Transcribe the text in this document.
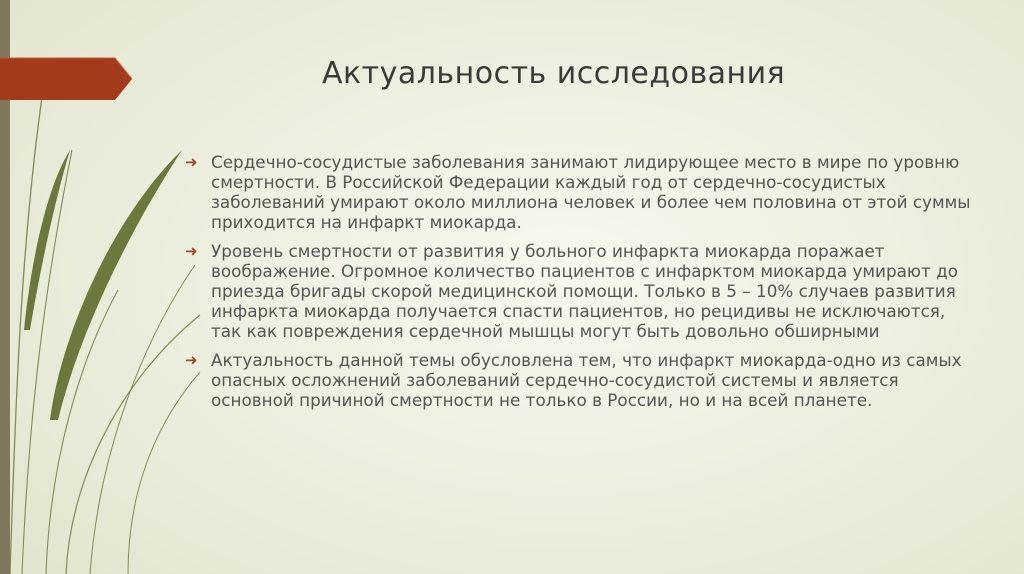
Актуальность исследования
➜ Сердечно-сосудистые заболевания занимают лидирующее место в мире по уровню смертности. В Российской Федерации каждый год от сердечно-сосудистых заболеваний умирают около миллиона человек и более чем половина от этой суммы приходится на инфаркт миокарда.
➜ Уровень смертности от развития у больного инфаркта миокарда поражает воображение. Огромное количество пациентов с инфарктом миокарда умирают до приезда бригады скорой медицинской помощи. Только в 5 – 10% случаев развития инфаркта миокарда получается спасти пациентов, но рецидивы не исключаются, так как повреждения сердечной мышцы могут быть довольно обширными
➜ Актуальность данной темы обусловлена тем, что инфаркт миокарда-одно из самых опасных осложнений заболеваний сердечно-сосудистой системы и является основной причиной смертности не только в России, но и на всей планете.
